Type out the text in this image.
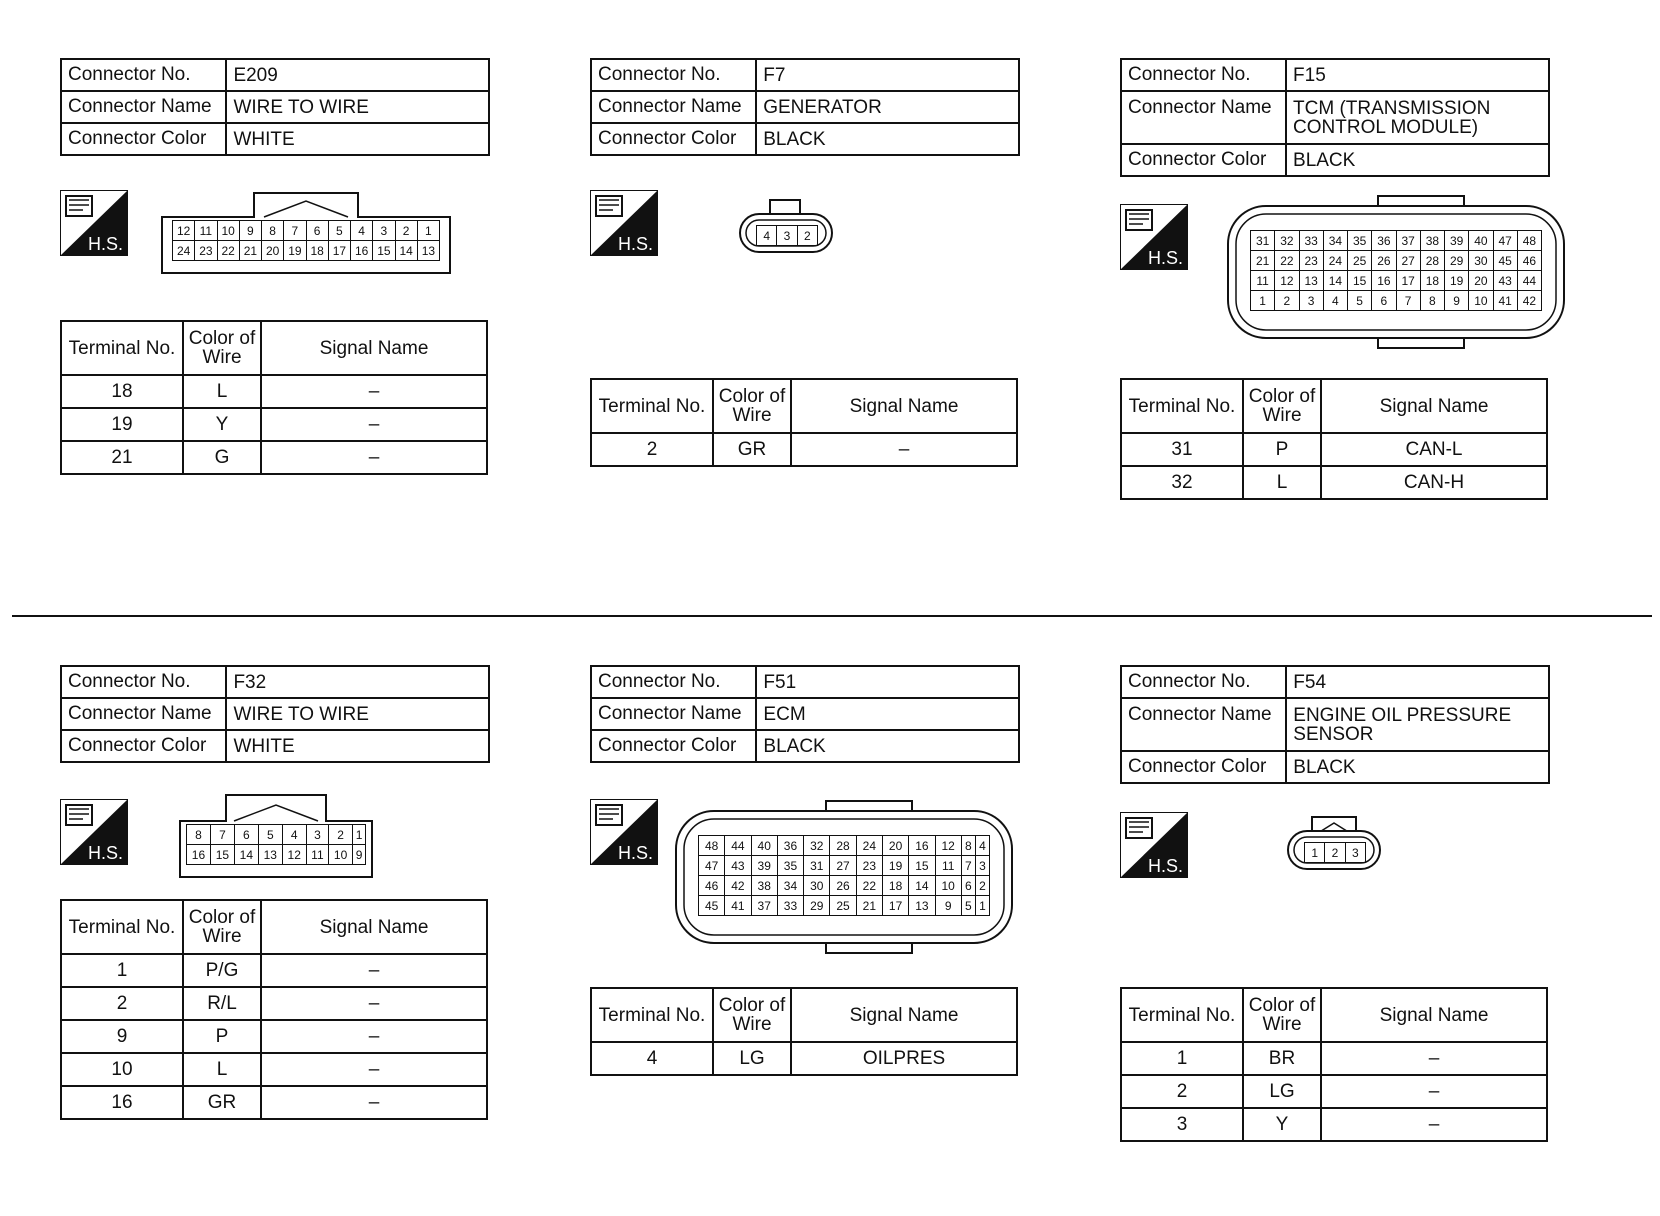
Connector No.	E209
Connector Name	WIRE TO WIRE
Connector Color	WHITE
H.S.
12	11	10	9	8	7	6	5	4	3	2	1
24	23	22	21	20	19	18	17	16	15	14	13
Terminal No.	Color of Wire	Signal Name
18	L	–
19	Y	–
21	G	–
Connector No.	F7
Connector Name	GENERATOR
Connector Color	BLACK
H.S.	4	3	2
Terminal No.	Color of Wire	Signal Name
2	GR	–
Connector No.	F15
Connector Name	TCM (TRANSMISSION CONTROL MODULE)
Connector Color	BLACK
H.S.
31	32	33	34	35	36	37	38	39	40	47	48
21	22	23	24	25	26	27	28	29	30	45	46
11	12	13	14	15	16	17	18	19	20	43	44
1	2	3	4	5	6	7	8	9	10	41	42
Terminal No.	Color of Wire	Signal Name
31	P	CAN-L
32	L	CAN-H
Connector No.	F32
Connector Name	WIRE TO WIRE
Connector Color	WHITE
H.S.
8	7	6	5	4	3	2	1
16	15	14	13	12	11	10	9
Terminal No.	Color of Wire	Signal Name
1	P/G	–
2	R/L	–
9	P	–
10	L	–
16	GR	–
Connector No.	F51
Connector Name	ECM
Connector Color	BLACK
H.S.	48	44	40	36	32	28	24	20	16	12	8	4
47	43	39	35	31	27	23	19	15	11	7	3
46	42	38	34	30	26	22	18	14	10	6	2
45	41	37	33	29	25	21	17	13	9	5	1
Terminal No.	Color of Wire	Signal Name
4	LG	OILPRES
Connector No.	F54
Connector Name	ENGINE OIL PRESSURE SENSOR
Connector Color	BLACK
H.S.
1	2	3
Terminal No.	Color of Wire	Signal Name
1	BR	–
2	LG	–
3	Y	–
